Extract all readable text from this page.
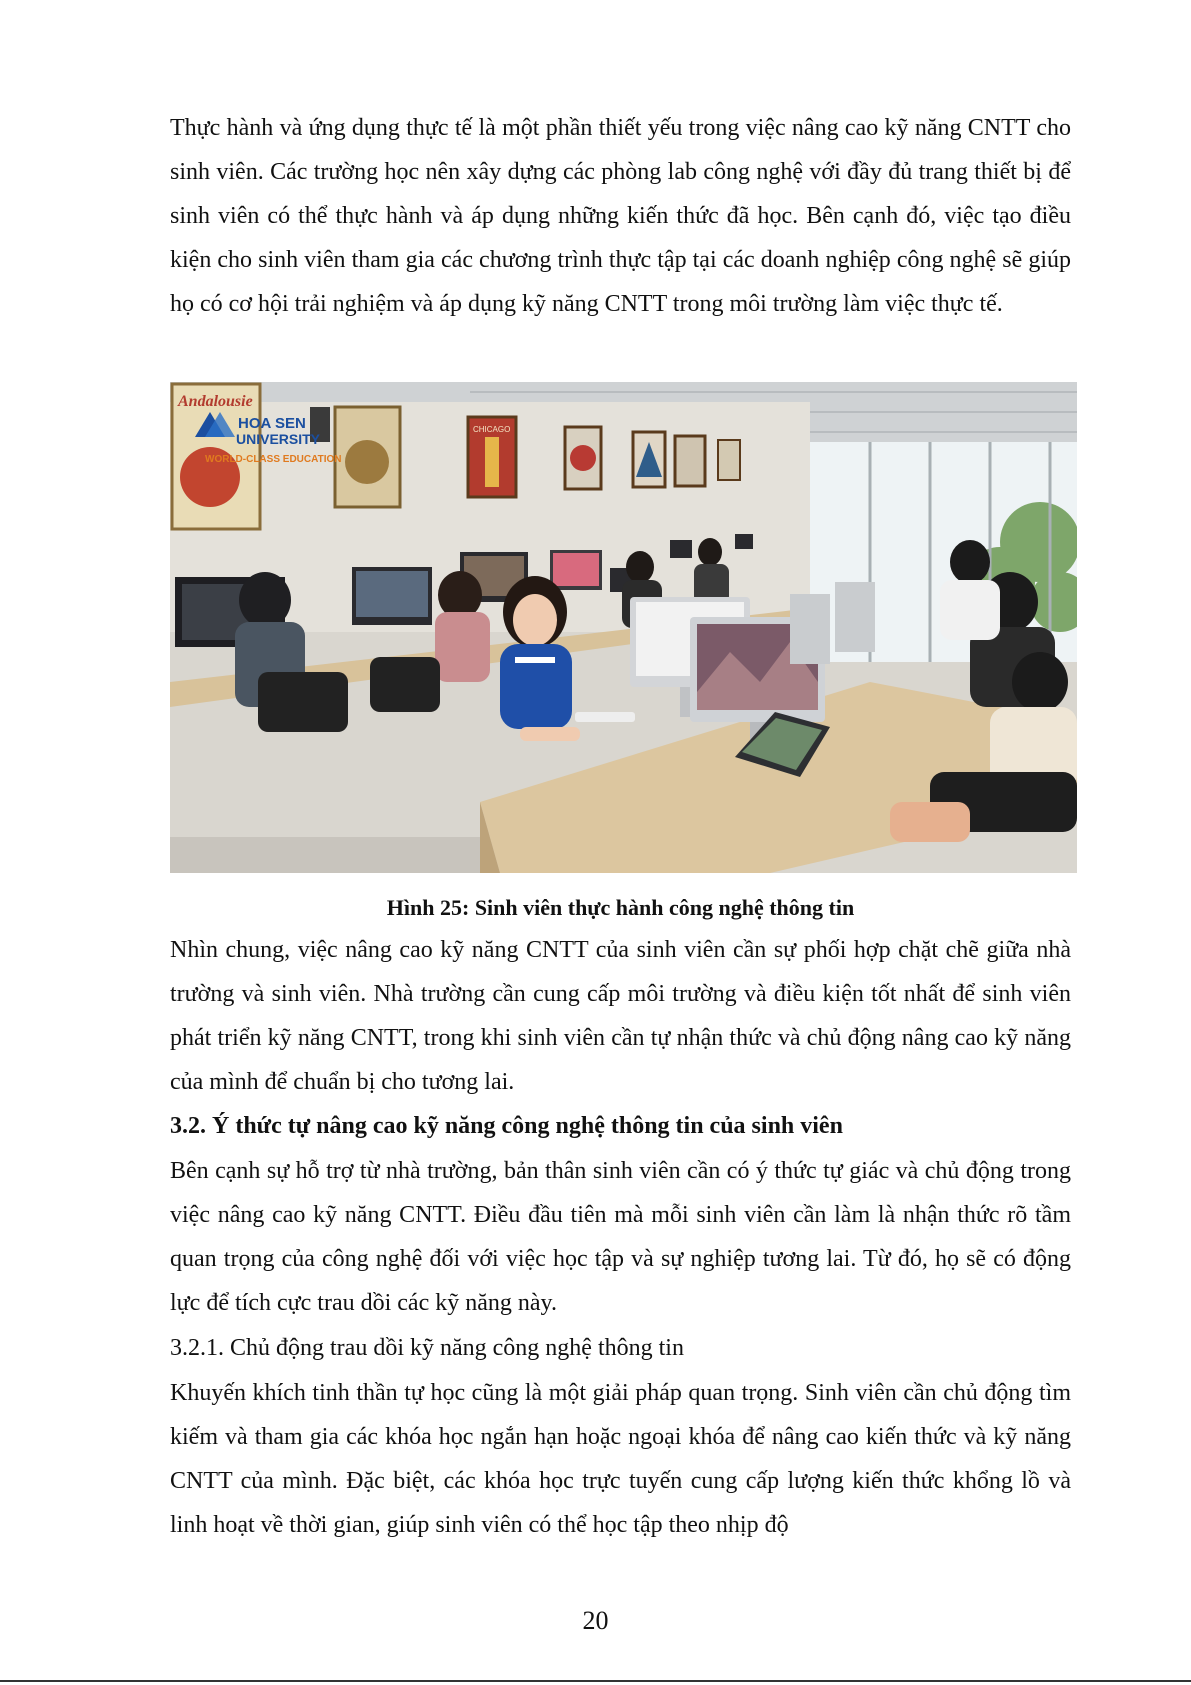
Thực hành và ứng dụng thực tế là một phần thiết yếu trong việc nâng cao kỹ năng CNTT cho sinh viên. Các trường học nên xây dựng các phòng lab công nghệ với đầy đủ trang thiết bị để sinh viên có thể thực hành và áp dụng những kiến thức đã học. Bên cạnh đó, việc tạo điều kiện cho sinh viên tham gia các chương trình thực tập tại các doanh nghiệp công nghệ sẽ giúp họ có cơ hội trải nghiệm và áp dụng kỹ năng CNTT trong môi trường làm việc thực tế.

HOA SEN
UNIVERSITY
WORLD-CLASS EDUCATION
Andalousie
CHICAGO

Hình 25: Sinh viên thực hành công nghệ thông tin

Nhìn chung, việc nâng cao kỹ năng CNTT của sinh viên cần sự phối hợp chặt chẽ giữa nhà trường và sinh viên. Nhà trường cần cung cấp môi trường và điều kiện tốt nhất để sinh viên phát triển kỹ năng CNTT, trong khi sinh viên cần tự nhận thức và chủ động nâng cao kỹ năng của mình để chuẩn bị cho tương lai.

3.2. Ý thức tự nâng cao kỹ năng công nghệ thông tin của sinh viên

Bên cạnh sự hỗ trợ từ nhà trường, bản thân sinh viên cần có ý thức tự giác và chủ động trong việc nâng cao kỹ năng CNTT. Điều đầu tiên mà mỗi sinh viên cần làm là nhận thức rõ tầm quan trọng của công nghệ đối với việc học tập và sự nghiệp tương lai. Từ đó, họ sẽ có động lực để tích cực trau dồi các kỹ năng này.

3.2.1. Chủ động trau dồi kỹ năng công nghệ thông tin

Khuyến khích tinh thần tự học cũng là một giải pháp quan trọng. Sinh viên cần chủ động tìm kiếm và tham gia các khóa học ngắn hạn hoặc ngoại khóa để nâng cao kiến thức và kỹ năng CNTT của mình. Đặc biệt, các khóa học trực tuyến cung cấp lượng kiến thức khổng lồ và linh hoạt về thời gian, giúp sinh viên có thể học tập theo nhịp độ

20
